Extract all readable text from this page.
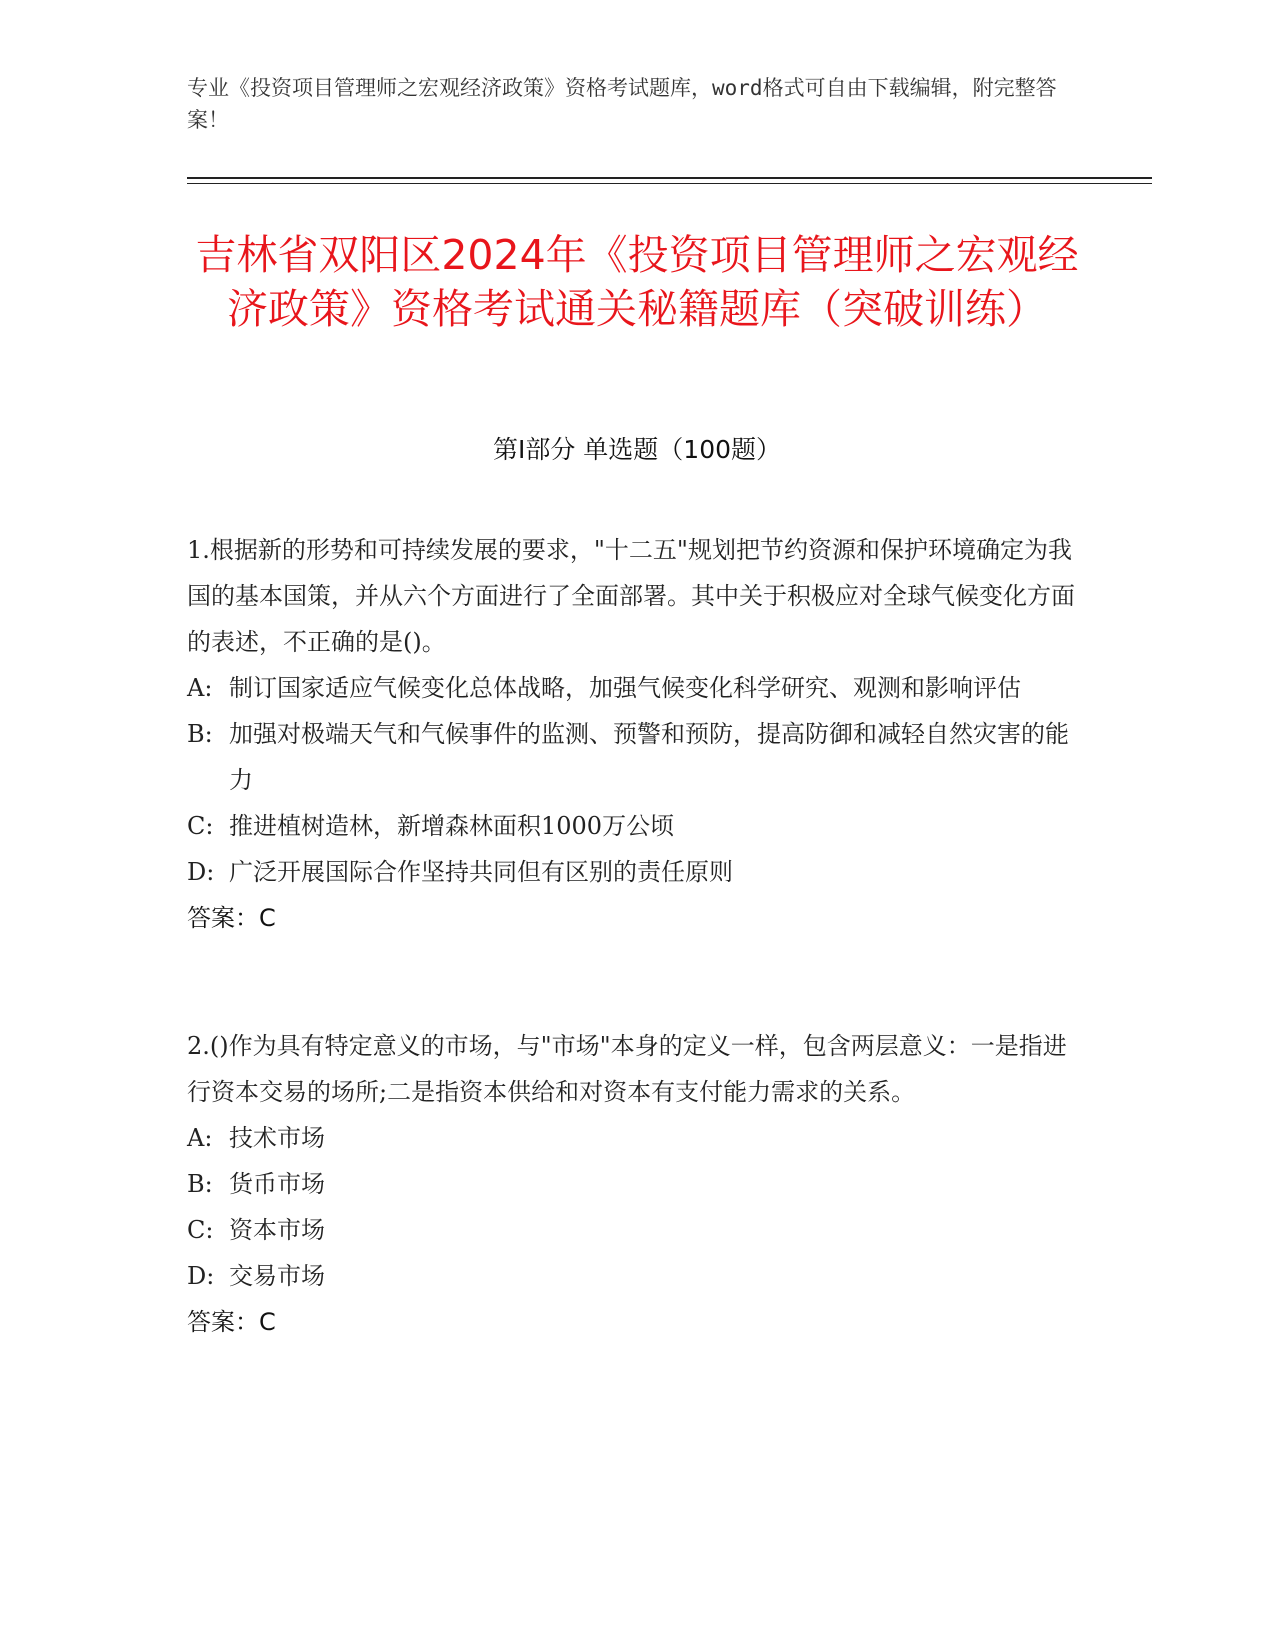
专业《投资项目管理师之宏观经济政策》资格考试题库，word格式可自由下载编辑，附完整答案！
吉林省双阳区2024年《投资项目管理师之宏观经济政策》资格考试通关秘籍题库（突破训练）
第Ⅰ部分 单选题（100题）
1.根据新的形势和可持续发展的要求，"十二五"规划把节约资源和保护环境确定为我国的基本国策，并从六个方面进行了全面部署。其中关于积极应对全球气候变化方面的表述，不正确的是()。
A: 制订国家适应气候变化总体战略，加强气候变化科学研究、观测和影响评估
B: 加强对极端天气和气候事件的监测、预警和预防，提高防御和减轻自然灾害的能力
C: 推进植树造林，新增森林面积1000万公顷
D: 广泛开展国际合作坚持共同但有区别的责任原则
答案：C
2.()作为具有特定意义的市场，与"市场"本身的定义一样，包含两层意义：一是指进行资本交易的场所;二是指资本供给和对资本有支付能力需求的关系。
A: 技术市场
B: 货币市场
C: 资本市场
D: 交易市场
答案：C
